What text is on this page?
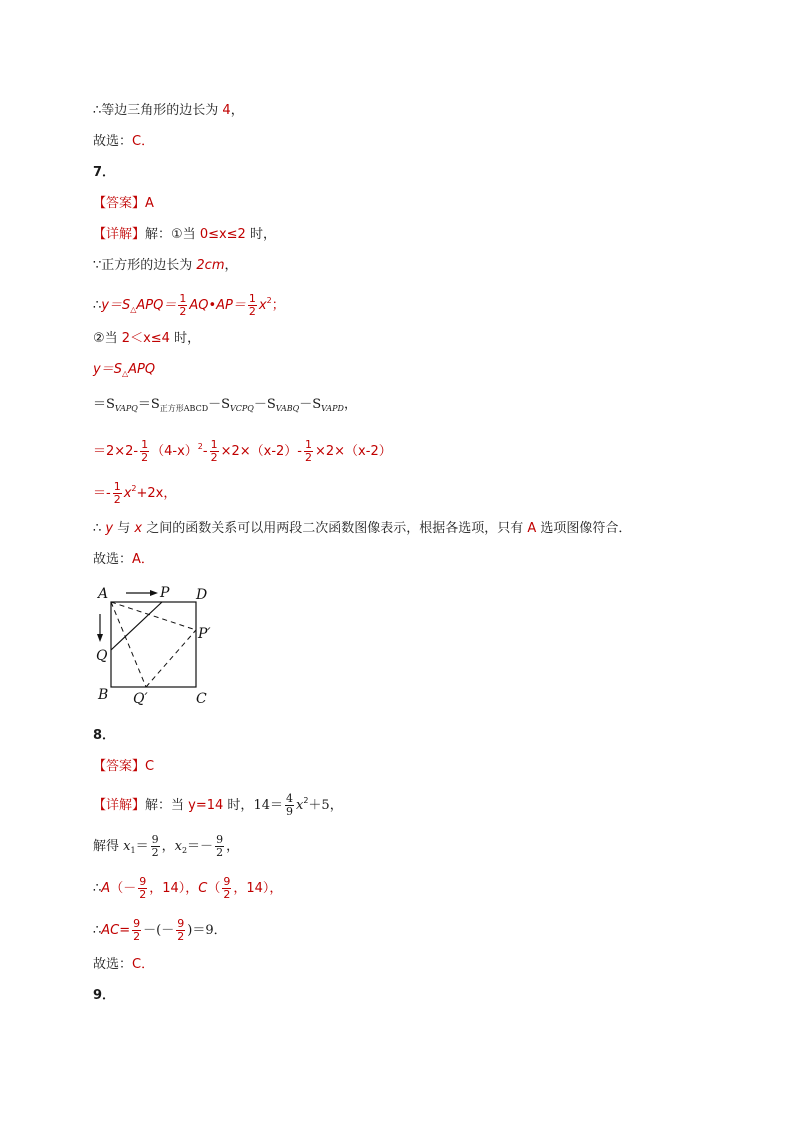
∴等边三角形的边长为 4，
故选：C．
7．
【答案】A
【详解】解：①当 0≤x≤2 时，
∵正方形的边长为 2cm，
$\therefore y=S_\triangle APQ= \frac{1}{2}$ AQ•AP＝ $\frac{1}{2} x^2$；
②当 2＜x≤4 时，
$y=S_\triangle APQ$
$=S_{VAPQ}=S_{正方形ABCD}-S_{VCPQ}-S_{VABQ}-S_{VAPD}$，
$=2\times 2- \frac{1}{2} (4-x)^2- \frac{1}{2} \times 2\times(x-2)- \frac{1}{2} \times 2\times(x-2)$
＝- $\frac{1}{2} x^2+2x$，
∴ y 与 x 之间的函数关系可以用两段二次函数图像表示，根据各选项，只有 A 选项图像符合．
故选：A．
A	P D
P′
Q
B Q′	C
8．
【答案】C
【详解】解：当 y=14 时，$14= \frac{4}{9} x^2+5$，
解得 $x_1= \frac{9}{2}$ ，$x_2=- \frac{9}{2}$ ，
∴A（－ $\frac{9}{2}$ ，14），$C( \frac{9}{2}$ ，14），
∴AC= $\frac{9}{2}$ －(－ $\frac{9}{2} )=9$．
故选：C．
9．
